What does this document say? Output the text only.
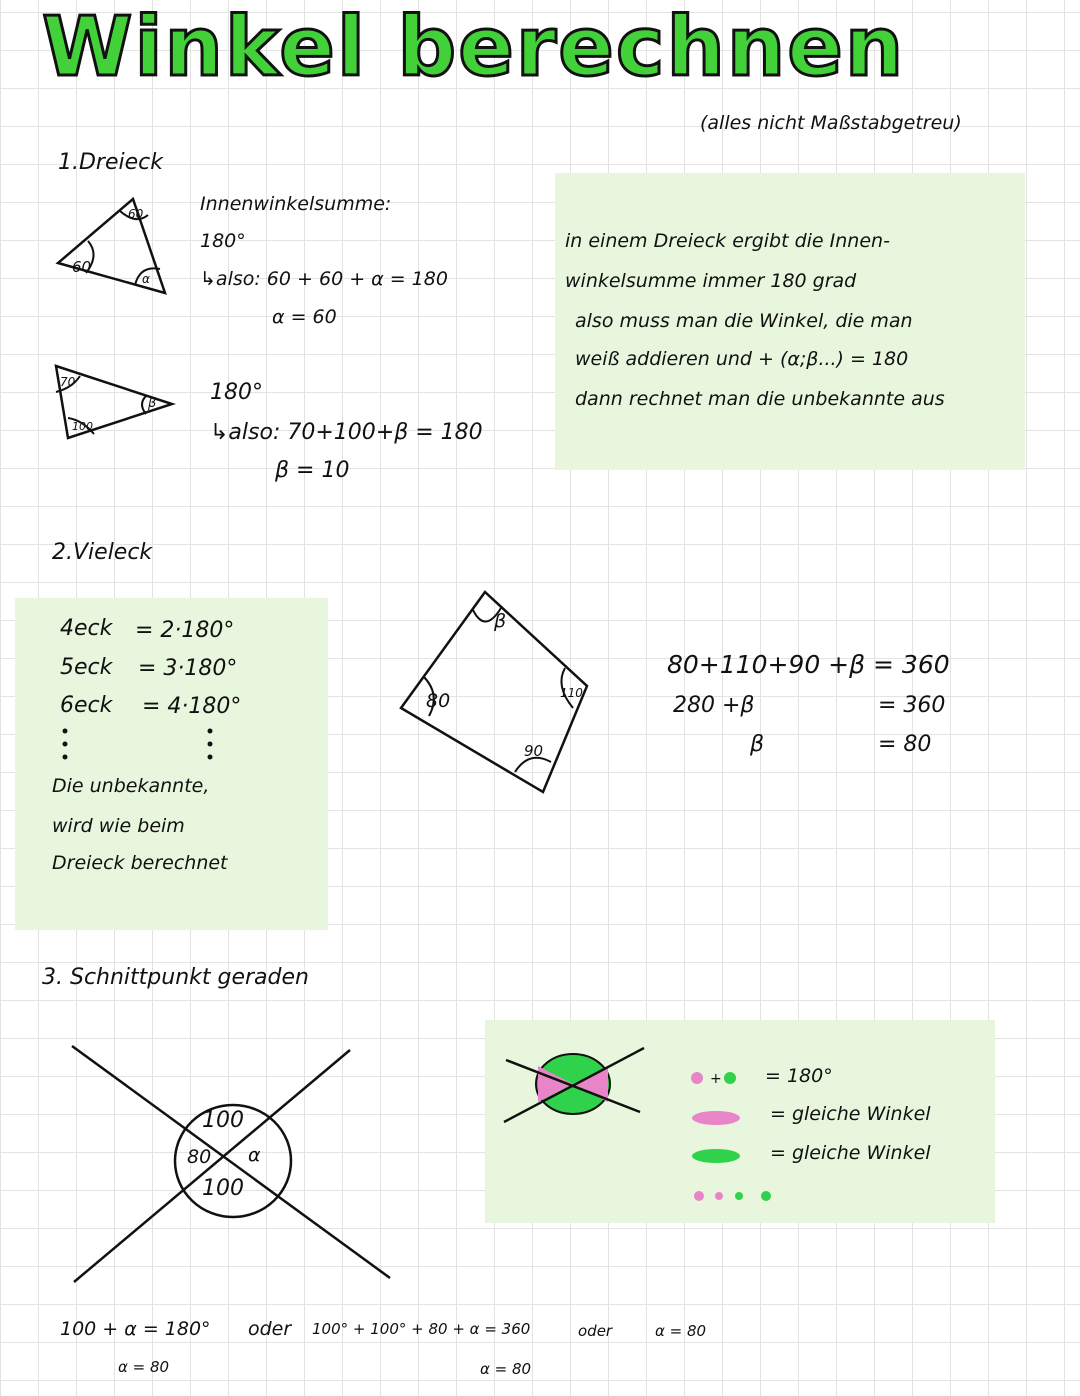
Winkel berechnen
(alles nicht Maßstabgetreu)
1.Dreieck
60
60
α
Innenwinkelsumme:
180°
↳also: 60 + 60 + α = 180
α = 60
70
100
β 180°
↳also: 70+100+β = 180
β = 10
in einem Dreieck ergibt die Innen-
winkelsumme immer 180 grad
also muss man die Winkel, die man
weiß addieren und + (α;β...) = 180
dann rechnet man die unbekannte aus
2.Vieleck
4eck = 2·180°
5eck = 3·180°
6eck = 4·180°
Die unbekannte,
wird wie beim
Dreieck berechnet
β
80	110
90
80+110+90 +β = 360
280 +β	= 360
β	= 80
3. Schnittpunkt geraden
100
80 α
100
+ = 180°
= gleiche Winkel
= gleiche Winkel
100 + α = 180°
α = 80
oder 100° + 100° + 80 + α = 360
α = 80
oder	α = 80
